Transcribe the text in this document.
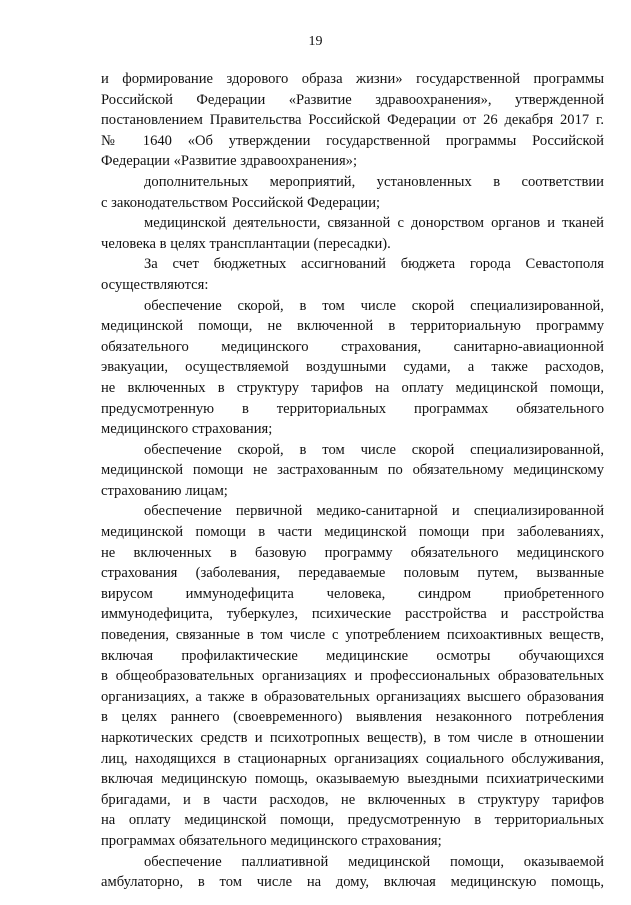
19
и формирование здорового образа жизни» государственной программы
Российской Федерации «Развитие здравоохранения», утвержденной
постановлением Правительства Российской Федерации от 26 декабря 2017 г.
№ 1640 «Об утверждении государственной программы Российской
Федерации «Развитие здравоохранения»;
дополнительных мероприятий, установленных в соответствии
с законодательством Российской Федерации;
медицинской деятельности, связанной с донорством органов и тканей
человека в целях трансплантации (пересадки).
За счет бюджетных ассигнований бюджета города Севастополя
осуществляются:
обеспечение скорой, в том числе скорой специализированной,
медицинской помощи, не включенной в территориальную программу
обязательного медицинского страхования, санитарно-авиационной
эвакуации, осуществляемой воздушными судами, а также расходов,
не включенных в структуру тарифов на оплату медицинской помощи,
предусмотренную в территориальных программах обязательного
медицинского страхования;
обеспечение скорой, в том числе скорой специализированной,
медицинской помощи не застрахованным по обязательному медицинскому
страхованию лицам;
обеспечение первичной медико-санитарной и специализированной
медицинской помощи в части медицинской помощи при заболеваниях,
не включенных в базовую программу обязательного медицинского
страхования (заболевания, передаваемые половым путем, вызванные
вирусом иммунодефицита человека, синдром приобретенного
иммунодефицита, туберкулез, психические расстройства и расстройства
поведения, связанные в том числе с употреблением психоактивных веществ,
включая профилактические медицинские осмотры обучающихся
в общеобразовательных организациях и профессиональных образовательных
организациях, а также в образовательных организациях высшего образования
в целях раннего (своевременного) выявления незаконного потребления
наркотических средств и психотропных веществ), в том числе в отношении
лиц, находящихся в стационарных организациях социального обслуживания,
включая медицинскую помощь, оказываемую выездными психиатрическими
бригадами, и в части расходов, не включенных в структуру тарифов
на оплату медицинской помощи, предусмотренную в территориальных
программах обязательного медицинского страхования;
обеспечение паллиативной медицинской помощи, оказываемой
амбулаторно, в том числе на дому, включая медицинскую помощь,
